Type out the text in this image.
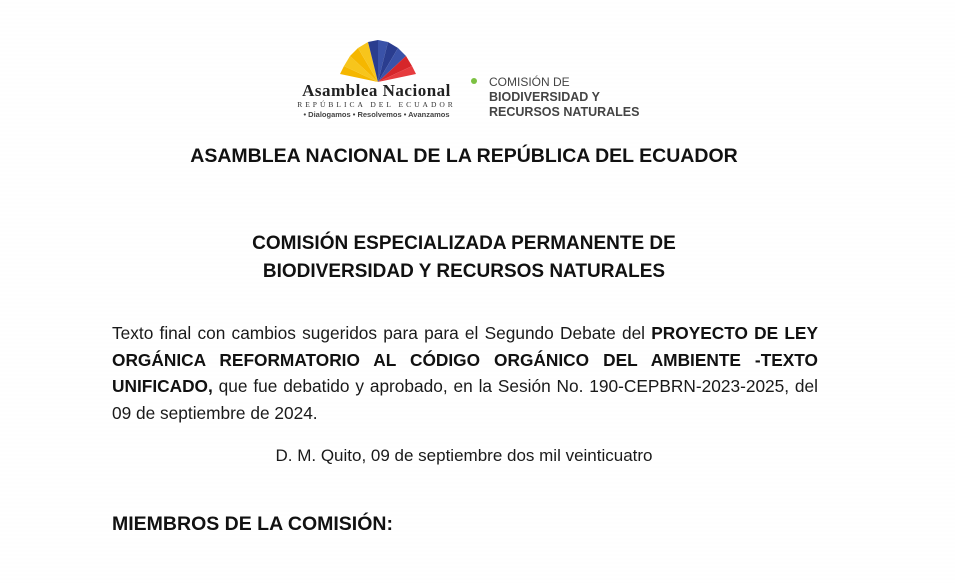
Asamblea Nacional
REPÚBLICA DEL ECUADOR
• Dialogamos • Resolvemos • Avanzamos
COMISIÓN DE
BIODIVERSIDAD Y
RECURSOS NATURALES
ASAMBLEA NACIONAL DE LA REPÚBLICA DEL ECUADOR
COMISIÓN ESPECIALIZADA PERMANENTE DE
BIODIVERSIDAD Y RECURSOS NATURALES
Texto final con cambios sugeridos para para el Segundo Debate del PROYECTO DE LEY ORGÁNICA REFORMATORIO AL CÓDIGO ORGÁNICO DEL AMBIENTE -TEXTO UNIFICADO, que fue debatido y aprobado, en la Sesión No. 190-CEPBRN-2023-2025, del 09 de septiembre de 2024.
D. M. Quito, 09 de septiembre dos mil veinticuatro
MIEMBROS DE LA COMISIÓN:
